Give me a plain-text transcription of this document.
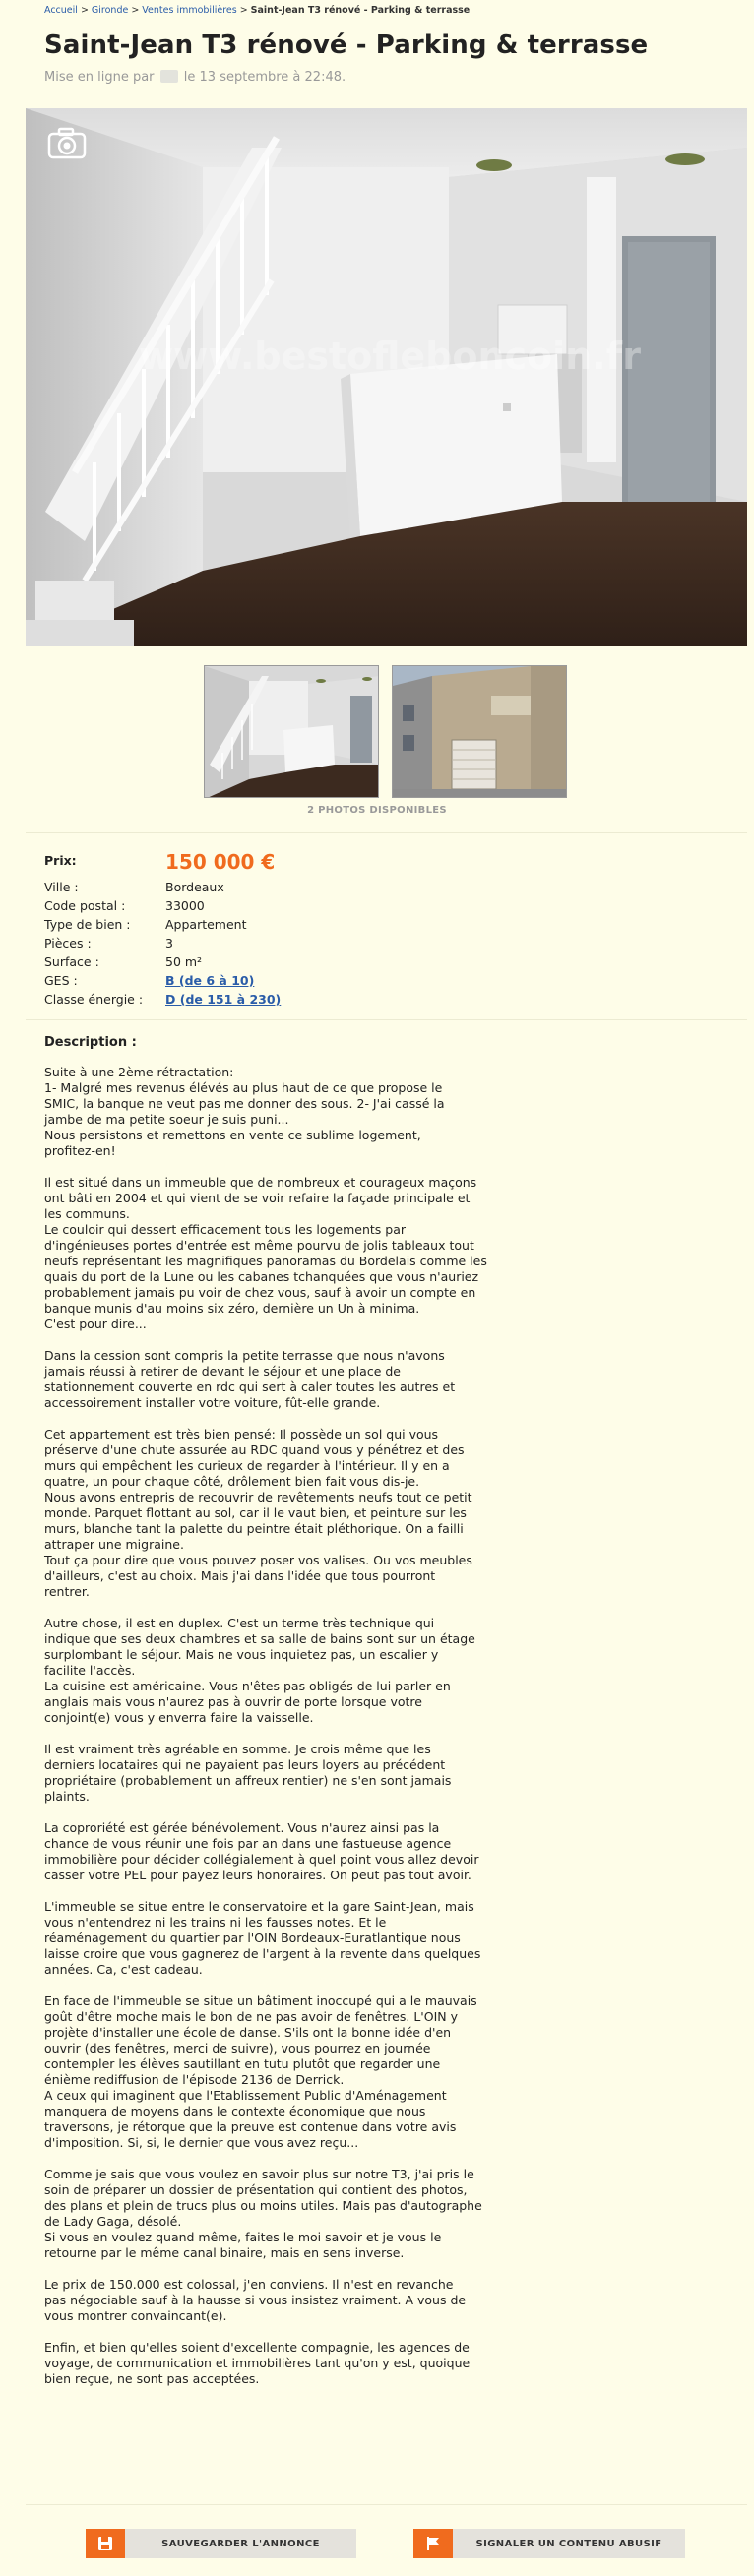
Accueil > Gironde > Ventes immobilières > Saint-Jean T3 rénové - Parking & terrasse
Saint-Jean T3 rénové - Parking & terrasse
Mise en ligne par le 13 septembre à 22:48.
www.bestofleboncoin.fr
2 PHOTOS DISPONIBLES
Prix:	150 000 €
Ville :	Bordeaux
Code postal :	33000
Type de bien :	Appartement
Pièces :	3
Surface :	50 m²
GES :	B (de 6 à 10)
Classe énergie : D (de 151 à 230)
Description :

Suite à une 2ème rétractation:
1- Malgré mes revenus élévés au plus haut de ce que propose le
SMIC, la banque ne veut pas me donner des sous. 2- J'ai cassé la
jambe de ma petite soeur je suis puni...
Nous persistons et remettons en vente ce sublime logement,
profitez-en!

Il est situé dans un immeuble que de nombreux et courageux maçons
ont bâti en 2004 et qui vient de se voir refaire la façade principale et
les communs.
Le couloir qui dessert efficacement tous les logements par
d'ingénieuses portes d'entrée est même pourvu de jolis tableaux tout
neufs représentant les magnifiques panoramas du Bordelais comme les
quais du port de la Lune ou les cabanes tchanquées que vous n'auriez
probablement jamais pu voir de chez vous, sauf à avoir un compte en
banque munis d'au moins six zéro, dernière un Un à minima.
C'est pour dire...

Dans la cession sont compris la petite terrasse que nous n'avons
jamais réussi à retirer de devant le séjour et une place de
stationnement couverte en rdc qui sert à caler toutes les autres et
accessoirement installer votre voiture, fût-elle grande.

Cet appartement est très bien pensé: Il possède un sol qui vous
préserve d'une chute assurée au RDC quand vous y pénétrez et des
murs qui empêchent les curieux de regarder à l'intérieur. Il y en a
quatre, un pour chaque côté, drôlement bien fait vous dis-je.
Nous avons entrepris de recouvrir de revêtements neufs tout ce petit
monde. Parquet flottant au sol, car il le vaut bien, et peinture sur les
murs, blanche tant la palette du peintre était pléthorique. On a failli
attraper une migraine.
Tout ça pour dire que vous pouvez poser vos valises. Ou vos meubles
d'ailleurs, c'est au choix. Mais j'ai dans l'idée que tous pourront
rentrer.

Autre chose, il est en duplex. C'est un terme très technique qui
indique que ses deux chambres et sa salle de bains sont sur un étage
surplombant le séjour. Mais ne vous inquietez pas, un escalier y
facilite l'accès.
La cuisine est américaine. Vous n'êtes pas obligés de lui parler en
anglais mais vous n'aurez pas à ouvrir de porte lorsque votre
conjoint(e) vous y enverra faire la vaisselle.

Il est vraiment très agréable en somme. Je crois même que les
derniers locataires qui ne payaient pas leurs loyers au précédent
propriétaire (probablement un affreux rentier) ne s'en sont jamais
plaints.

La coproriété est gérée bénévolement. Vous n'aurez ainsi pas la
chance de vous réunir une fois par an dans une fastueuse agence
immobilière pour décider collégialement à quel point vous allez devoir
casser votre PEL pour payez leurs honoraires. On peut pas tout avoir.

L'immeuble se situe entre le conservatoire et la gare Saint-Jean, mais
vous n'entendrez ni les trains ni les fausses notes. Et le
réaménagement du quartier par l'OIN Bordeaux-Euratlantique nous
laisse croire que vous gagnerez de l'argent à la revente dans quelques
années. Ca, c'est cadeau.

En face de l'immeuble se situe un bâtiment inoccupé qui a le mauvais
goût d'être moche mais le bon de ne pas avoir de fenêtres. L'OIN y
projète d'installer une école de danse. S'ils ont la bonne idée d'en
ouvrir (des fenêtres, merci de suivre), vous pourrez en journée
contempler les élèves sautillant en tutu plutôt que regarder une
énième rediffusion de l'épisode 2136 de Derrick.
A ceux qui imaginent que l'Etablissement Public d'Aménagement
manquera de moyens dans le contexte économique que nous
traversons, je rétorque que la preuve est contenue dans votre avis
d'imposition. Si, si, le dernier que vous avez reçu...

Comme je sais que vous voulez en savoir plus sur notre T3, j'ai pris le
soin de préparer un dossier de présentation qui contient des photos,
des plans et plein de trucs plus ou moins utiles. Mais pas d'autographe
de Lady Gaga, désolé.
Si vous en voulez quand même, faites le moi savoir et je vous le
retourne par le même canal binaire, mais en sens inverse.

Le prix de 150.000 est colossal, j'en conviens. Il n'est en revanche
pas négociable sauf à la hausse si vous insistez vraiment. A vous de
vous montrer convaincant(e).

Enfin, et bien qu'elles soient d'excellente compagnie, les agences de
voyage, de communication et immobilières tant qu'on y est, quoique
bien reçue, ne sont pas acceptées.

SAUVEGARDER L'ANNONCE	SIGNALER UN CONTENU ABUSIF
